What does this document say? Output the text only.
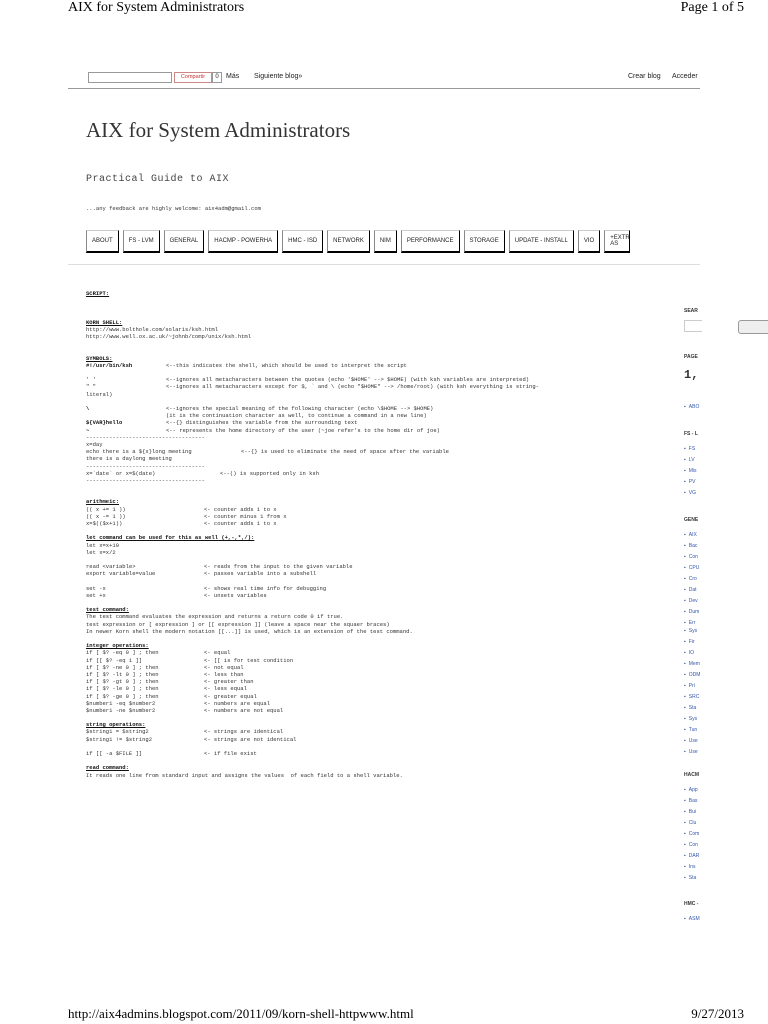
AIX for System Administrators	Page 1 of 5
Compartir	0	Más Siguiente blog»	Crear blog Acceder
AIX for System Administrators
Practical Guide to AIX
...any feedback are highly welcome: aix4adm@gmail.com
ABOUT	FS - LVM	GENERAL	HACMP - POWERHA	HMC - ISD	NETWORK	NIM	PERFORMANCE	STORAGE	UPDATE - INSTALL	VIO	+EXTR AS
SCRIPT:
KORN SHELL:
http://www.bolthole.com/solaris/ksh.html
http://www.well.ox.ac.uk/~johnb/comp/unix/ksh.html
SYMBOLS:
#!/usr/bin/ksh	<--this indicates the shell, which should be used to interpret the script
' '	<--ignores all metacharacters between the quotes (echo '$HOME' --> $HOME) (with ksh variables are interpreted)
" "	<--ignores all metacharacters except for $, ` and \ (echo "$HOME" --> /home/root) (with ksh everything is string-
literal)
\	<--ignores the special meaning of the following character (echo \$HOME --> $HOME)
(it is the continuation character as well, to continue a command in a new line)
${VAR}hello	<--{} distinguishes the variable from the surrounding text
~	<-- represents the home directory of the user (~joe refer's to the home dir of joe)
------------------------------------
x=day
echo there is a ${x}long meeting	<--{} is used to eliminate the need of space after the variable
there is a daylong meeting
------------------------------------
x=`date` or x=$(date)	<--() is supported only in ksh
------------------------------------
arithmeic:
(( x += 1 ))	<- counter adds 1 to x
(( x -= 1 ))	<- counter minus 1 from x
x=$(($x+1))	<- counter adds 1 to x
let command can be used for this as well (+,-,*,/):
let x=x+10
let x=x/2
read <variable>	<- reads from the input to the given variable
export variable=value	<- passes variable into a subshell
set -x	<- shows real time info for debugging
set +x	<- unsets variables
test command:
The test command evaluates the expression and returns a return code 0 if true.
test expression or [ expression ] or [[ expression ]] (leave a space near the squaer braces)
In newer Korn shell the modern notation [[...]] is used, which is an extension of the test command.
integer operations:
if [ $? -eq 0 ] ; then	<- equal
if [[ $? -eq 1 ]]	<- [[ is for test condition
if [ $? -ne 0 ] ; then	<- not equal
if [ $? -lt 0 ] ; then	<- less than
if [ $? -gt 0 ] ; then	<- greater than
if [ $? -le 0 ] ; then	<- less equal
if [ $? -ge 0 ] ; then	<- greater equal
$number1 -eq $number2	<- numbers are equal
$number1 -ne $number2	<- numbers are not equal
string operations:
$string1 = $string2	<- strings are identical
$string1 != $string2	<- strings are not identical
if [[ -a $FILE ]]	<- if file exist
read command:
It reads one line from standard input and assigns the values  of each field to a shell variable.
SEAR
PAGE
1,
▪ ABO
FS - L
▪ FS
▪ LV
▪ Mis
▪ PV
▪ VG
GENE
▪ AIX
▪ Bac
▪ Con
▪ CPU
▪ Cro
▪ Dat
▪ Dev
▪ Dum
▪ Err
▪ Sys
▪ Fir
▪ IO
▪ Mem
▪ ODM
▪ Pri
▪ SRC
▪ Sta
▪ Sys
▪ Tun
▪ Use
▪ Use
HACM
▪ App
▪ Bas
▪ Bui
▪ Clu
▪ Com
▪ Con
▪ DAR
▪ Ins
▪ Sta
HMC -
▪ ASM
http://aix4admins.blogspot.com/2011/09/korn-shell-httpwww.html	9/27/2013
